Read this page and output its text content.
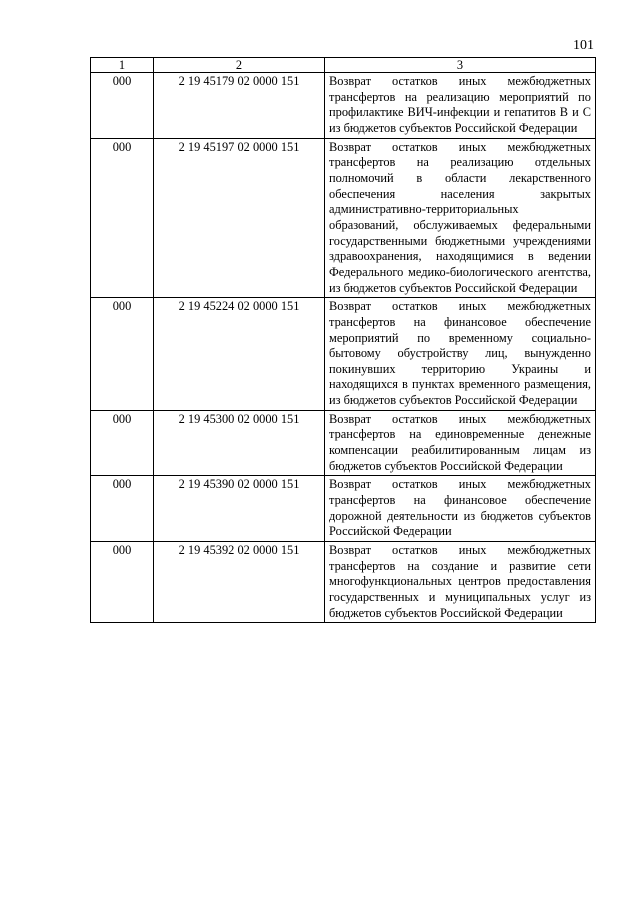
101
1	2	3
000	2 19 45179 02 0000 151	Возврат остатков иных межбюджетных трансфертов на реализацию мероприятий по профилактике ВИЧ-инфекции и гепатитов В и С из бюджетов субъектов Российской Федерации
000	2 19 45197 02 0000 151	Возврат остатков иных межбюджетных трансфертов на реализацию отдельных полномочий в области лекарственного обеспечения населения закрытых административно-территориальных образований, обслуживаемых федеральными государственными бюджетными учреждениями здравоохранения, находящимися в ведении Федерального медико-биологического агентства, из бюджетов субъектов Российской Федерации
000	2 19 45224 02 0000 151	Возврат остатков иных межбюджетных трансфертов на финансовое обеспечение мероприятий по временному социально-бытовому обустройству лиц, вынужденно покинувших территорию Украины и находящихся в пунктах временного размещения, из бюджетов субъектов Российской Федерации
000	2 19 45300 02 0000 151	Возврат остатков иных межбюджетных трансфертов на единовременные денежные компенсации реабилитированным лицам из бюджетов субъектов Российской Федерации
000	2 19 45390 02 0000 151	Возврат остатков иных межбюджетных трансфертов на финансовое обеспечение дорожной деятельности из бюджетов субъектов Российской Федерации
000	2 19 45392 02 0000 151	Возврат остатков иных межбюджетных трансфертов на создание и развитие сети многофункциональных центров предоставления государственных и муниципальных услуг из бюджетов субъектов Российской Федерации
